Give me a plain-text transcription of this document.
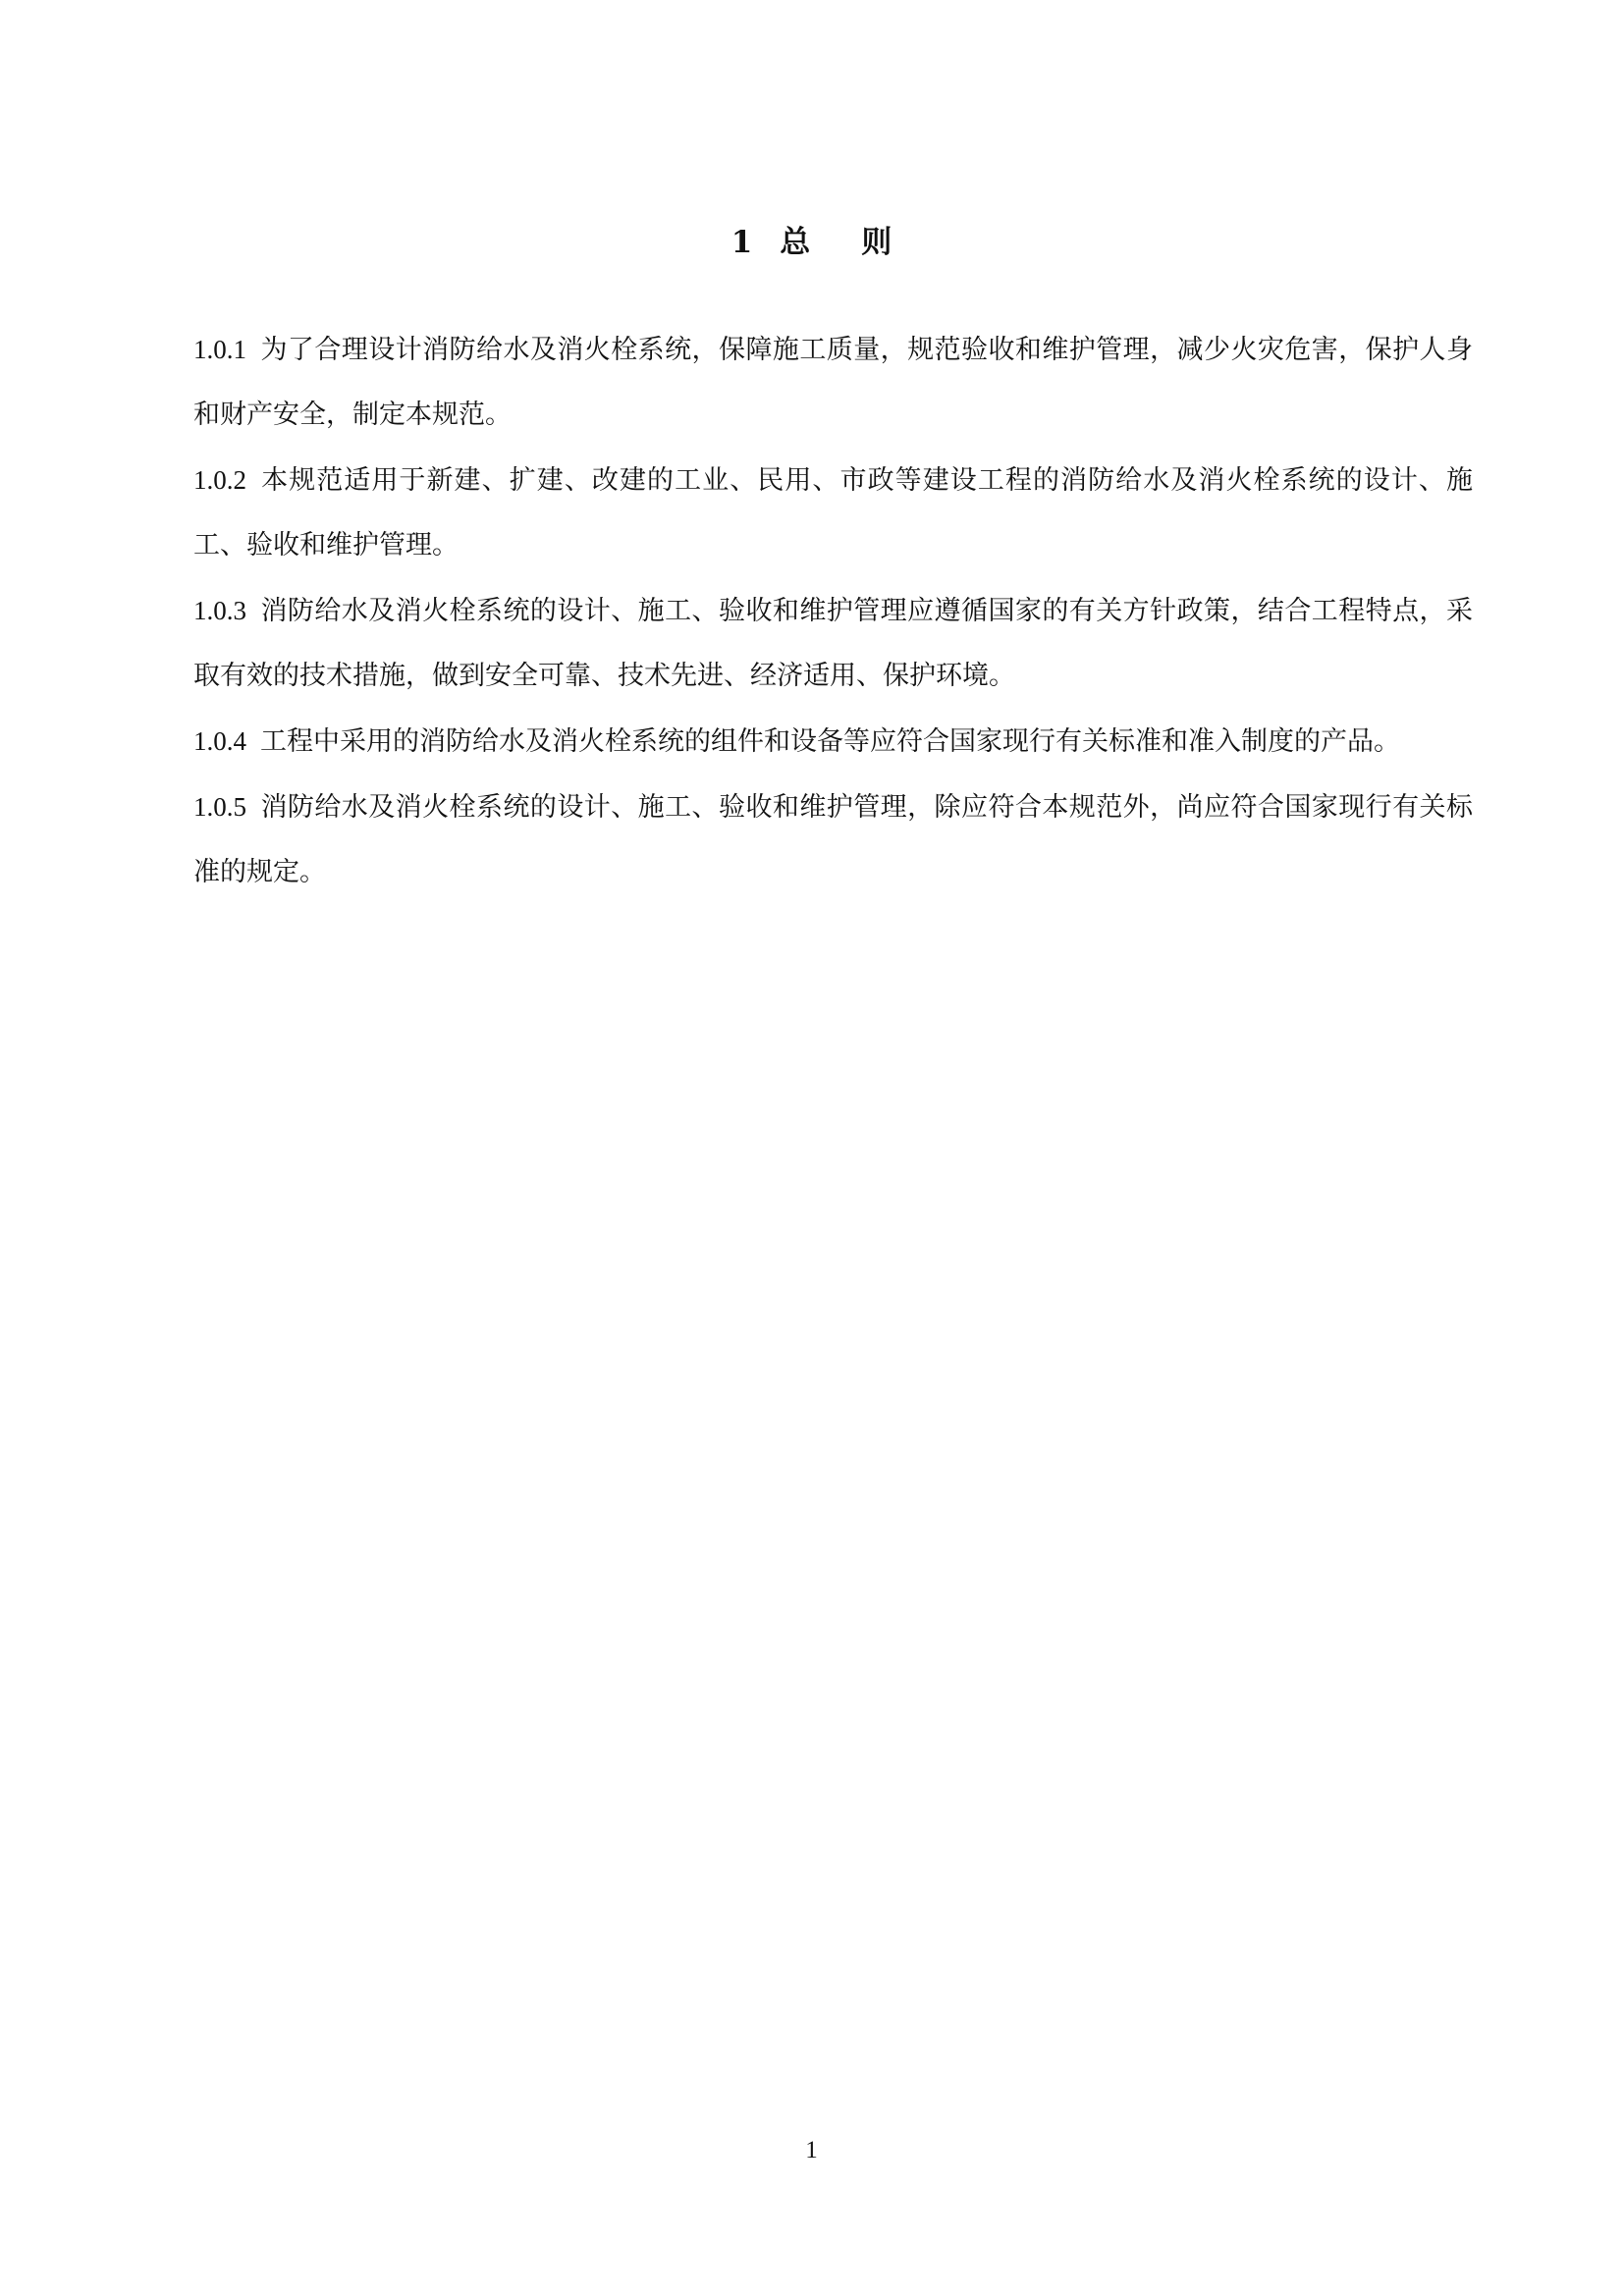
1 总则

1.0.1 为了合理设计消防给水及消火栓系统，保障施工质量，规范验收和维护管理，减少火灾危害，保护人身和财产安全，制定本规范。

1.0.2 本规范适用于新建、扩建、改建的工业、民用、市政等建设工程的消防给水及消火栓系统的设计、施工、验收和维护管理。

1.0.3 消防给水及消火栓系统的设计、施工、验收和维护管理应遵循国家的有关方针政策，结合工程特点，采取有效的技术措施，做到安全可靠、技术先进、经济适用、保护环境。

1.0.4 工程中采用的消防给水及消火栓系统的组件和设备等应符合国家现行有关标准和准入制度的产品。

1.0.5 消防给水及消火栓系统的设计、施工、验收和维护管理，除应符合本规范外，尚应符合国家现行有关标准的规定。

1
